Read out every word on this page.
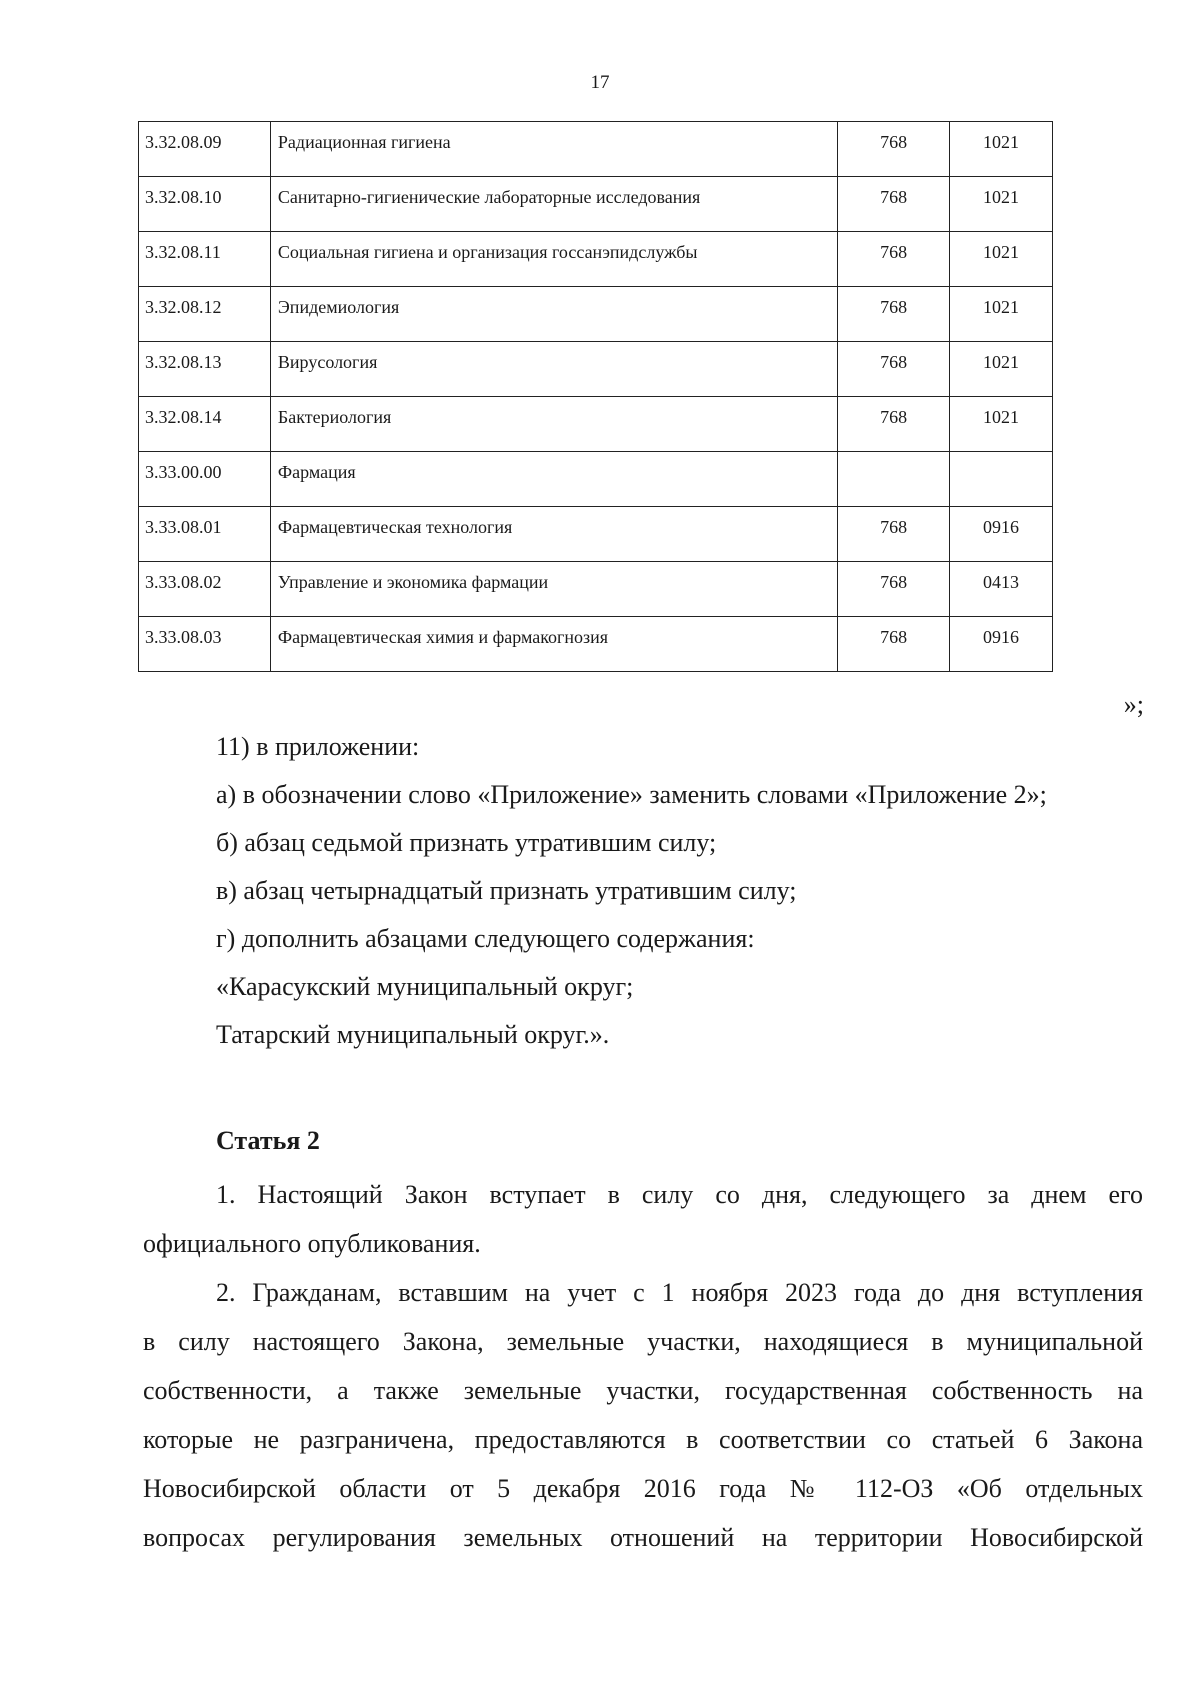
17
3.32.08.09	Радиационная гигиена	768	1021
3.32.08.10	Санитарно-гигиенические лабораторные исследования	768	1021
3.32.08.11	Социальная гигиена и организация госсанэпидслужбы	768	1021
3.32.08.12	Эпидемиология	768	1021
3.32.08.13	Вирусология	768	1021
3.32.08.14	Бактериология	768	1021
3.33.00.00	Фармация		
3.33.08.01	Фармацевтическая технология	768	0916
3.33.08.02	Управление и экономика фармации	768	0413
3.33.08.03	Фармацевтическая химия и фармакогнозия	768	0916
»;
11) в приложении:
а) в обозначении слово «Приложение» заменить словами «Приложение 2»;
б) абзац седьмой признать утратившим силу;
в) абзац четырнадцатый признать утратившим силу;
г) дополнить абзацами следующего содержания:
«Карасукский муниципальный округ;
Татарский муниципальный округ.».
Статья 2
1. Настоящий Закон вступает в силу со дня, следующего за днем его
официального опубликования.
2. Гражданам, вставшим на учет с 1 ноября 2023 года до дня вступления
в силу настоящего Закона, земельные участки, находящиеся в муниципальной
собственности, а также земельные участки, государственная собственность на
которые не разграничена, предоставляются в соответствии со статьей 6 Закона
Новосибирской области от 5 декабря 2016 года № 112-ОЗ «Об отдельных
вопросах регулирования земельных отношений на территории Новосибирской
